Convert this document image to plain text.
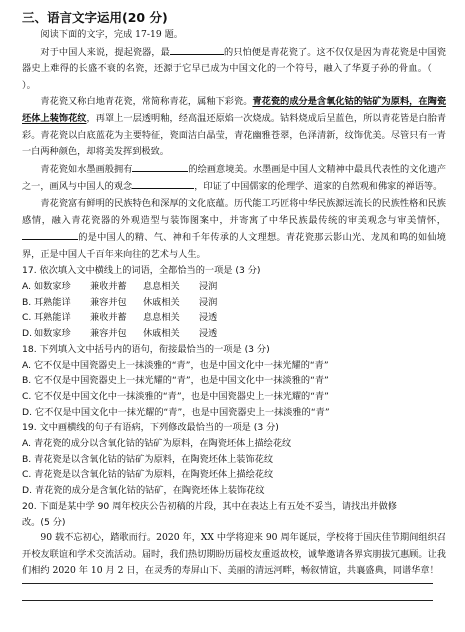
三、语言文字运用(20 分)

阅读下面的文字，完成 17-19 题。

对于中国人来说，提起瓷器，最	的只怕便是青花瓷了。这不仅仅是因为青花瓷是中国瓷器史上难得的长盛不衰的名瓷，还源于它早已成为中国文化的一个符号，融入了华夏子孙的骨血。（）。

青花瓷又称白地青花瓷，常简称青花，属釉下彩瓷。青花瓷的成分是含氧化钴的钴矿为原料，在陶瓷坯体上装饰花纹，再罩上一层透明釉，经高温还原焰一次烧成。钴料烧成后呈蓝色，所以青花皆是白胎青彩。青花瓷以白底蓝花为主要特征，瓷面洁白晶莹，青花幽雅苍翠，色泽清新，纹饰优美。尽管只有一青一白两种颜色，却将美发挥到极致。

青花瓷如水墨画般拥有	的绘画意境美。水墨画是中国人文精神中最具代表性的文化遗产之一，画风与中国人的观念	，印证了中国儒家的伦理学、道家的自然观和佛家的禅语等。

青花瓷富有鲜明的民族特色和深厚的文化底蕴。历代能工巧匠将中华民族源远流长的民族性格和民族感情，融入青花瓷器的外观造型与装饰图案中，并寄寓了中华民族最传统的审美观念与审美情怀，的是中国人的精、气、神和千年传承的人文理想。青花瓷那云影山光、龙凤和鸣的如仙境界，正是中国人千百年来向往的艺术与人生。

17. 依次填入文中横线上的词语，全都恰当的一项是 (3 分)

A. 如数家珍 兼收并蓄 息息相关 浸润

B. 耳熟能详 兼容并包 休戚相关 浸润

C. 耳熟能详 兼收并蓄 息息相关 浸透

D. 如数家珍 兼容并包 休戚相关 浸透

18. 下列填入文中括号内的语句，衔接最恰当的一项是 (3 分)

A. 它不仅是中国瓷器史上一抹淡雅的“青”，也是中国文化中一抹光耀的“青”

B. 它不仅是中国瓷器史上一抹光耀的“青”，也是中国文化中一抹淡雅的“青”

C. 它不仅是中国文化中一抹淡雅的“青”，也是中国瓷器史上一抹光耀的“青”

D. 它不仅是中国文化中一抹光耀的“青”，也是中国瓷器史上一抹淡雅的“青”

19. 文中画横线的句子有语病，下列修改最恰当的一项是 (3 分)

A. 青花瓷的成分以含氧化钴的钴矿为原料，在陶瓷坯体上描绘花纹

B. 青花瓷是以含氧化钴的钴矿为原料，在陶瓷坯体上装饰花纹

C. 青花瓷是以含氧化钴的钴矿为原料，在陶瓷坯体上描绘花纹

D. 青花瓷的成分是含氧化钴的钴矿，在陶瓷坯体上装饰花纹

20. 下面是某中学 90 周年校庆公告初稿的片段，其中在表达上有五处不妥当，请找出并做修

改。(5 分)

90 载不忘初心，踏歌而行。2020 年，XX 中学将迎来 90 周年诞辰，学校将于国庆佳节期间组织召开校友联谊和学术交流活动。届时，我们热切期盼历届校友重返故校，诚挚邀请各界宾朋拔冗惠顾。让我们相约 2020 年 10 月 2 日，在灵秀的寿屏山下、美丽的清远河畔，畅叙情谊，共襄盛典，同谱华章！
